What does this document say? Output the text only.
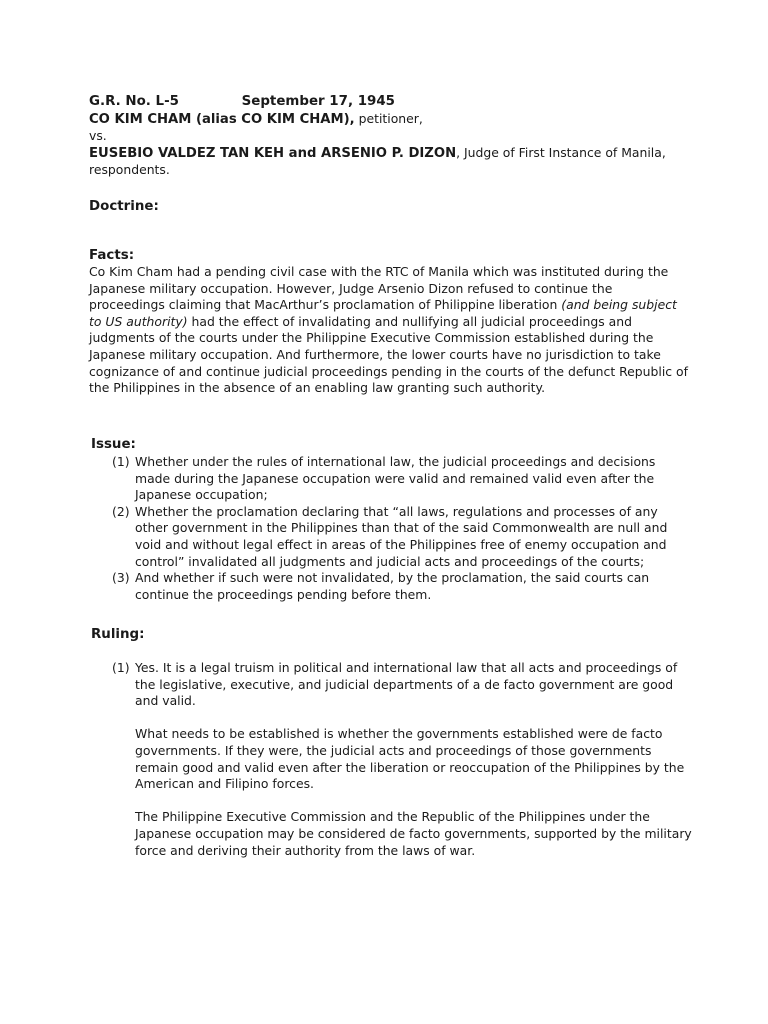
G.R. No. L-5	September 17, 1945
CO KIM CHAM (alias CO KIM CHAM), petitioner,
vs.
EUSEBIO VALDEZ TAN KEH and ARSENIO P. DIZON, Judge of First Instance of Manila,
respondents.
Doctrine:
Facts:
Co Kim Cham had a pending civil case with the RTC of Manila which was instituted during the Japanese military occupation. However, Judge Arsenio Dizon refused to continue the proceedings claiming that MacArthur’s proclamation of Philippine liberation (and being subject to US authority) had the effect of invalidating and nullifying all judicial proceedings and judgments of the courts under the Philippine Executive Commission established during the Japanese military occupation. And furthermore, the lower courts have no jurisdiction to take cognizance of and continue judicial proceedings pending in the courts of the defunct Republic of the Philippines in the absence of an enabling law granting such authority.
Issue:
(1) Whether under the rules of international law, the judicial proceedings and decisions made during the Japanese occupation were valid and remained valid even after the Japanese occupation;
(2) Whether the proclamation declaring that “all laws, regulations and processes of any other government in the Philippines than that of the said Commonwealth are null and void and without legal effect in areas of the Philippines free of enemy occupation and control” invalidated all judgments and judicial acts and proceedings of the courts;
(3) And whether if such were not invalidated, by the proclamation, the said courts can continue the proceedings pending before them.
Ruling:
(1) Yes. It is a legal truism in political and international law that all acts and proceedings of the legislative, executive, and judicial departments of a de facto government are good and valid.
What needs to be established is whether the governments established were de facto governments. If they were, the judicial acts and proceedings of those governments remain good and valid even after the liberation or reoccupation of the Philippines by the American and Filipino forces.
The Philippine Executive Commission and the Republic of the Philippines under the Japanese occupation may be considered de facto governments, supported by the military force and deriving their authority from the laws of war.
